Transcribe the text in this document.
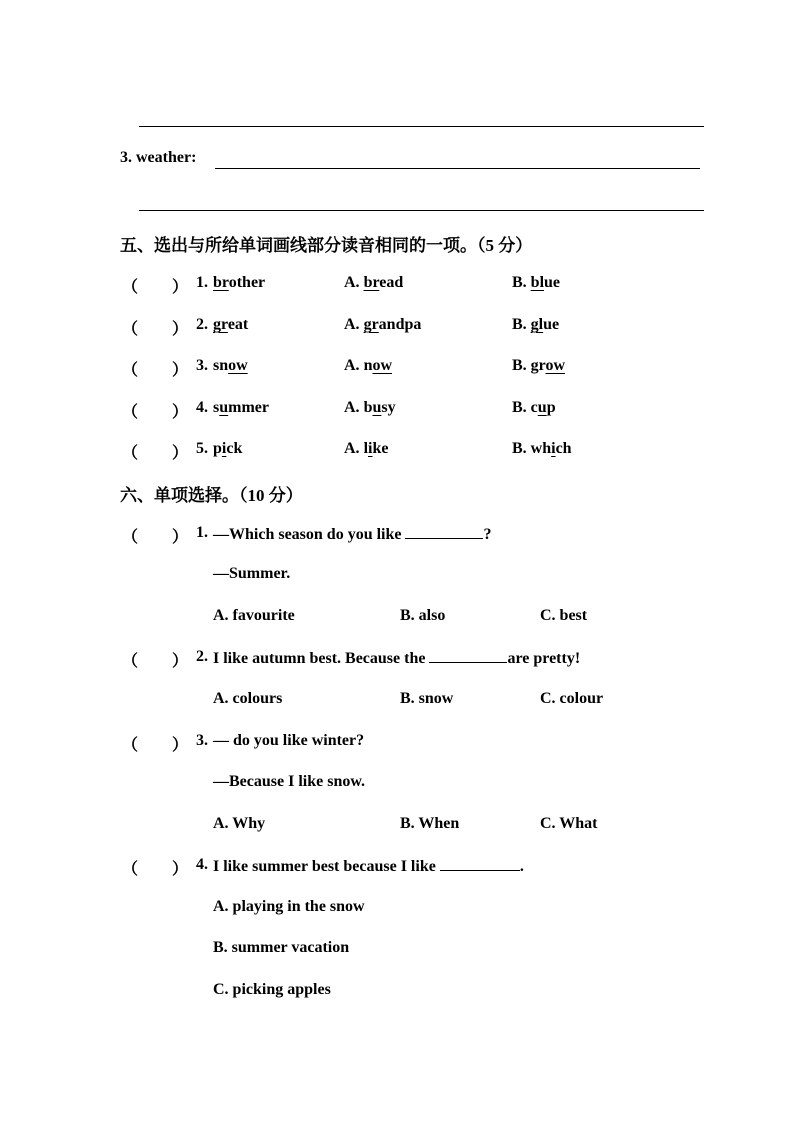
3. weather:
五、选出与所给单词画线部分读音相同的一项。（5 分）
（ ） 1. brother	A. bread	B. blue
（ ） 2. great	A. grandpa	B. glue
（ ） 3. snow	A. now	B. grow
（ ） 4. summer	A. busy	B. cup
（ ） 5. pick	A. like	B. which
六、单项选择。（10 分）
（ ） 1. —Which season do you like	?
—Summer.
A. favourite	B. also	C. best
（ ） 2. I like autumn best. Because the	are pretty!
A. colours	B. snow	C. colour
（ ） 3. — do you like winter?
—Because I like snow.
A. Why	B. When	C. What
（ ） 4. I like summer best because I like	.
A. playing in the snow
B. summer vacation
C. picking apples
